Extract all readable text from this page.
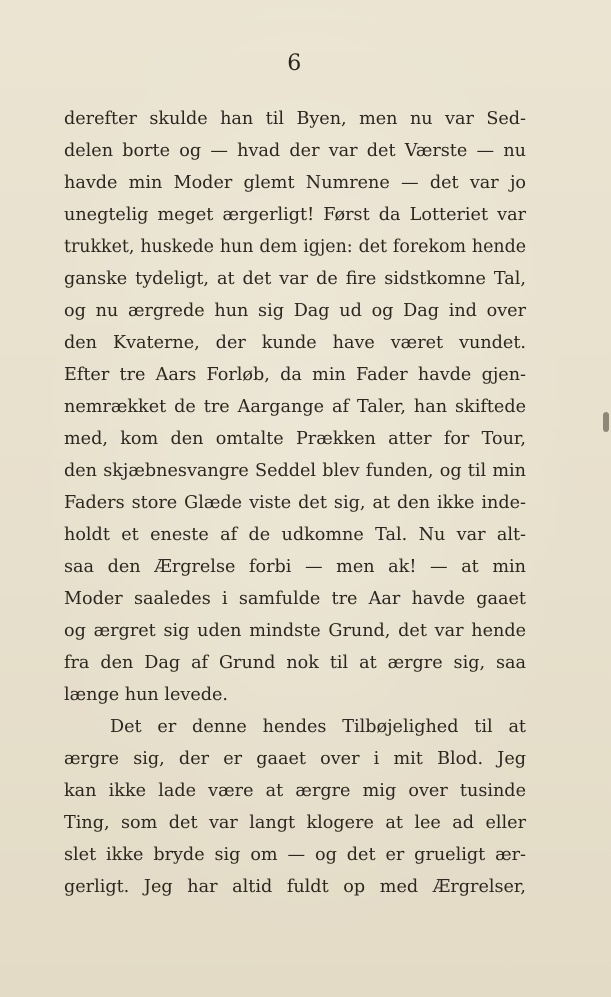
6
derefter skulde han til Byen, men nu var Sed-
delen borte og — hvad der var det Værste — nu
havde min Moder glemt Numrene — det var jo
unegtelig meget ærgerligt! Først da Lotteriet var
trukket, huskede hun dem igjen: det forekom hende
ganske tydeligt, at det var de fire sidstkomne Tal,
og nu ærgrede hun sig Dag ud og Dag ind over
den Kvaterne, der kunde have været vundet.
Efter tre Aars Forløb, da min Fader havde gjen-
nemrækket de tre Aargange af Taler, han skiftede
med, kom den omtalte Prækken atter for Tour,
den skjæbnesvangre Seddel blev funden, og til min
Faders store Glæde viste det sig, at den ikke inde-
holdt et eneste af de udkomne Tal. Nu var alt-
saa den Ærgrelse forbi — men ak! — at min
Moder saaledes i samfulde tre Aar havde gaaet
og ærgret sig uden mindste Grund, det var hende
fra den Dag af Grund nok til at ærgre sig, saa
længe hun levede.
Det er denne hendes Tilbøjelighed til at
ærgre sig, der er gaaet over i mit Blod. Jeg
kan ikke lade være at ærgre mig over tusinde
Ting, som det var langt klogere at lee ad eller
slet ikke bryde sig om — og det er grueligt ær-
gerligt. Jeg har altid fuldt op med Ærgrelser,
